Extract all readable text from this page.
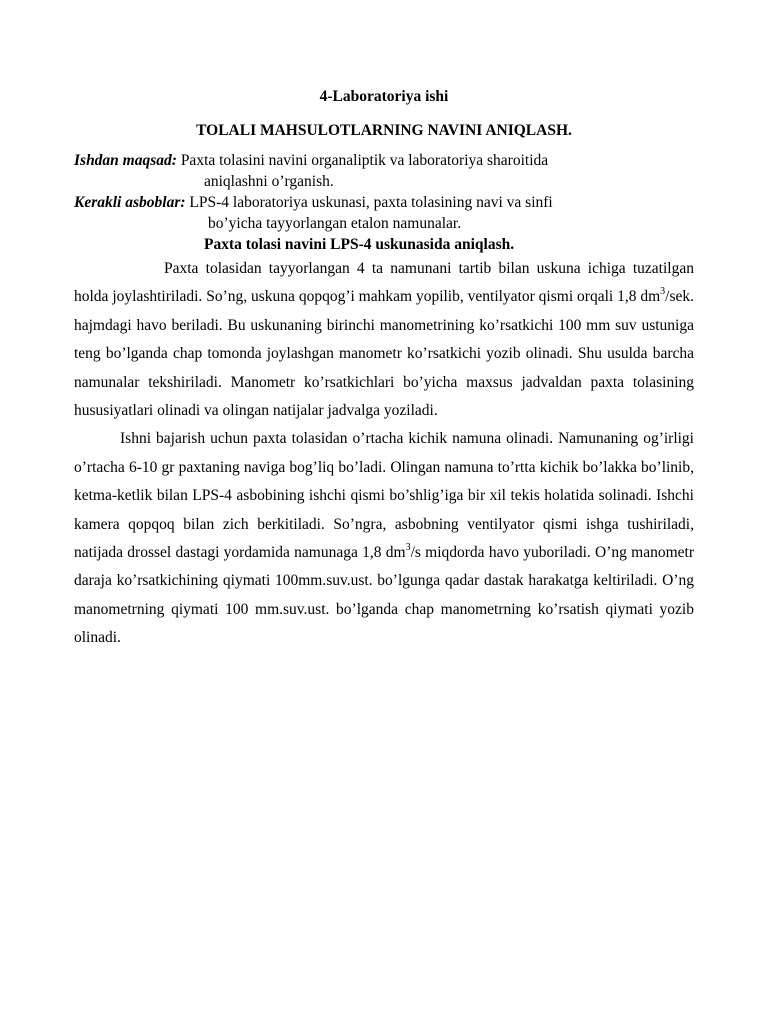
4-Laboratoriya ishi
TOLALI MAHSULOTLARNING NAVINI ANIQLASH.
Ishdan maqsad: Paxta tolasini navini organaliptik va laboratoriya sharoitida
aniqlashni o’rganish.
Kerakli asboblar: LPS-4 laboratoriya uskunasi, paxta tolasining navi va sinfi
bo’yicha tayyorlangan etalon namunalar.
Paxta tolasi navini LPS-4 uskunasida aniqlash.

Paxta tolasidan tayyorlangan 4 ta namunani tartib bilan uskuna ichiga tuzatilgan holda joylashtiriladi. So’ng, uskuna qopqog’i mahkam yopilib, ventilyator qismi orqali 1,8 $dm^3$/sek. hajmdagi havo beriladi. Bu uskunaning birinchi manometrining ko’rsatkichi 100 mm suv ustuniga teng bo’lganda chap tomonda joylashgan manometr ko’rsatkichi yozib olinadi. Shu usulda barcha namunalar tekshiriladi. Manometr ko’rsatkichlari bo’yicha maxsus jadvaldan paxta tolasining hususiyatlari olinadi va olingan natijalar jadvalga yoziladi.

Ishni bajarish uchun paxta tolasidan o’rtacha kichik namuna olinadi. Namunaning og’irligi o’rtacha 6-10 gr paxtaning naviga bog’liq bo’ladi. Olingan namuna to’rtta kichik bo’lakka bo’linib, ketma-ketlik bilan LPS-4 asbobining ishchi qismi bo’shlig’iga bir xil tekis holatida solinadi. Ishchi kamera qopqoq bilan zich berkitiladi. So’ngra, asbobning ventilyator qismi ishga tushiriladi, natijada drossel dastagi yordamida namunaga 1,8 $dm^3/s$ miqdorda havo yuboriladi. O’ng manometr daraja ko’rsatkichining qiymati 100mm.suv.ust. bo’lgunga qadar dastak harakatga keltiriladi. O’ng manometrning qiymati 100 mm.suv.ust. bo’lganda chap manometrning ko’rsatish qiymati yozib olinadi.
